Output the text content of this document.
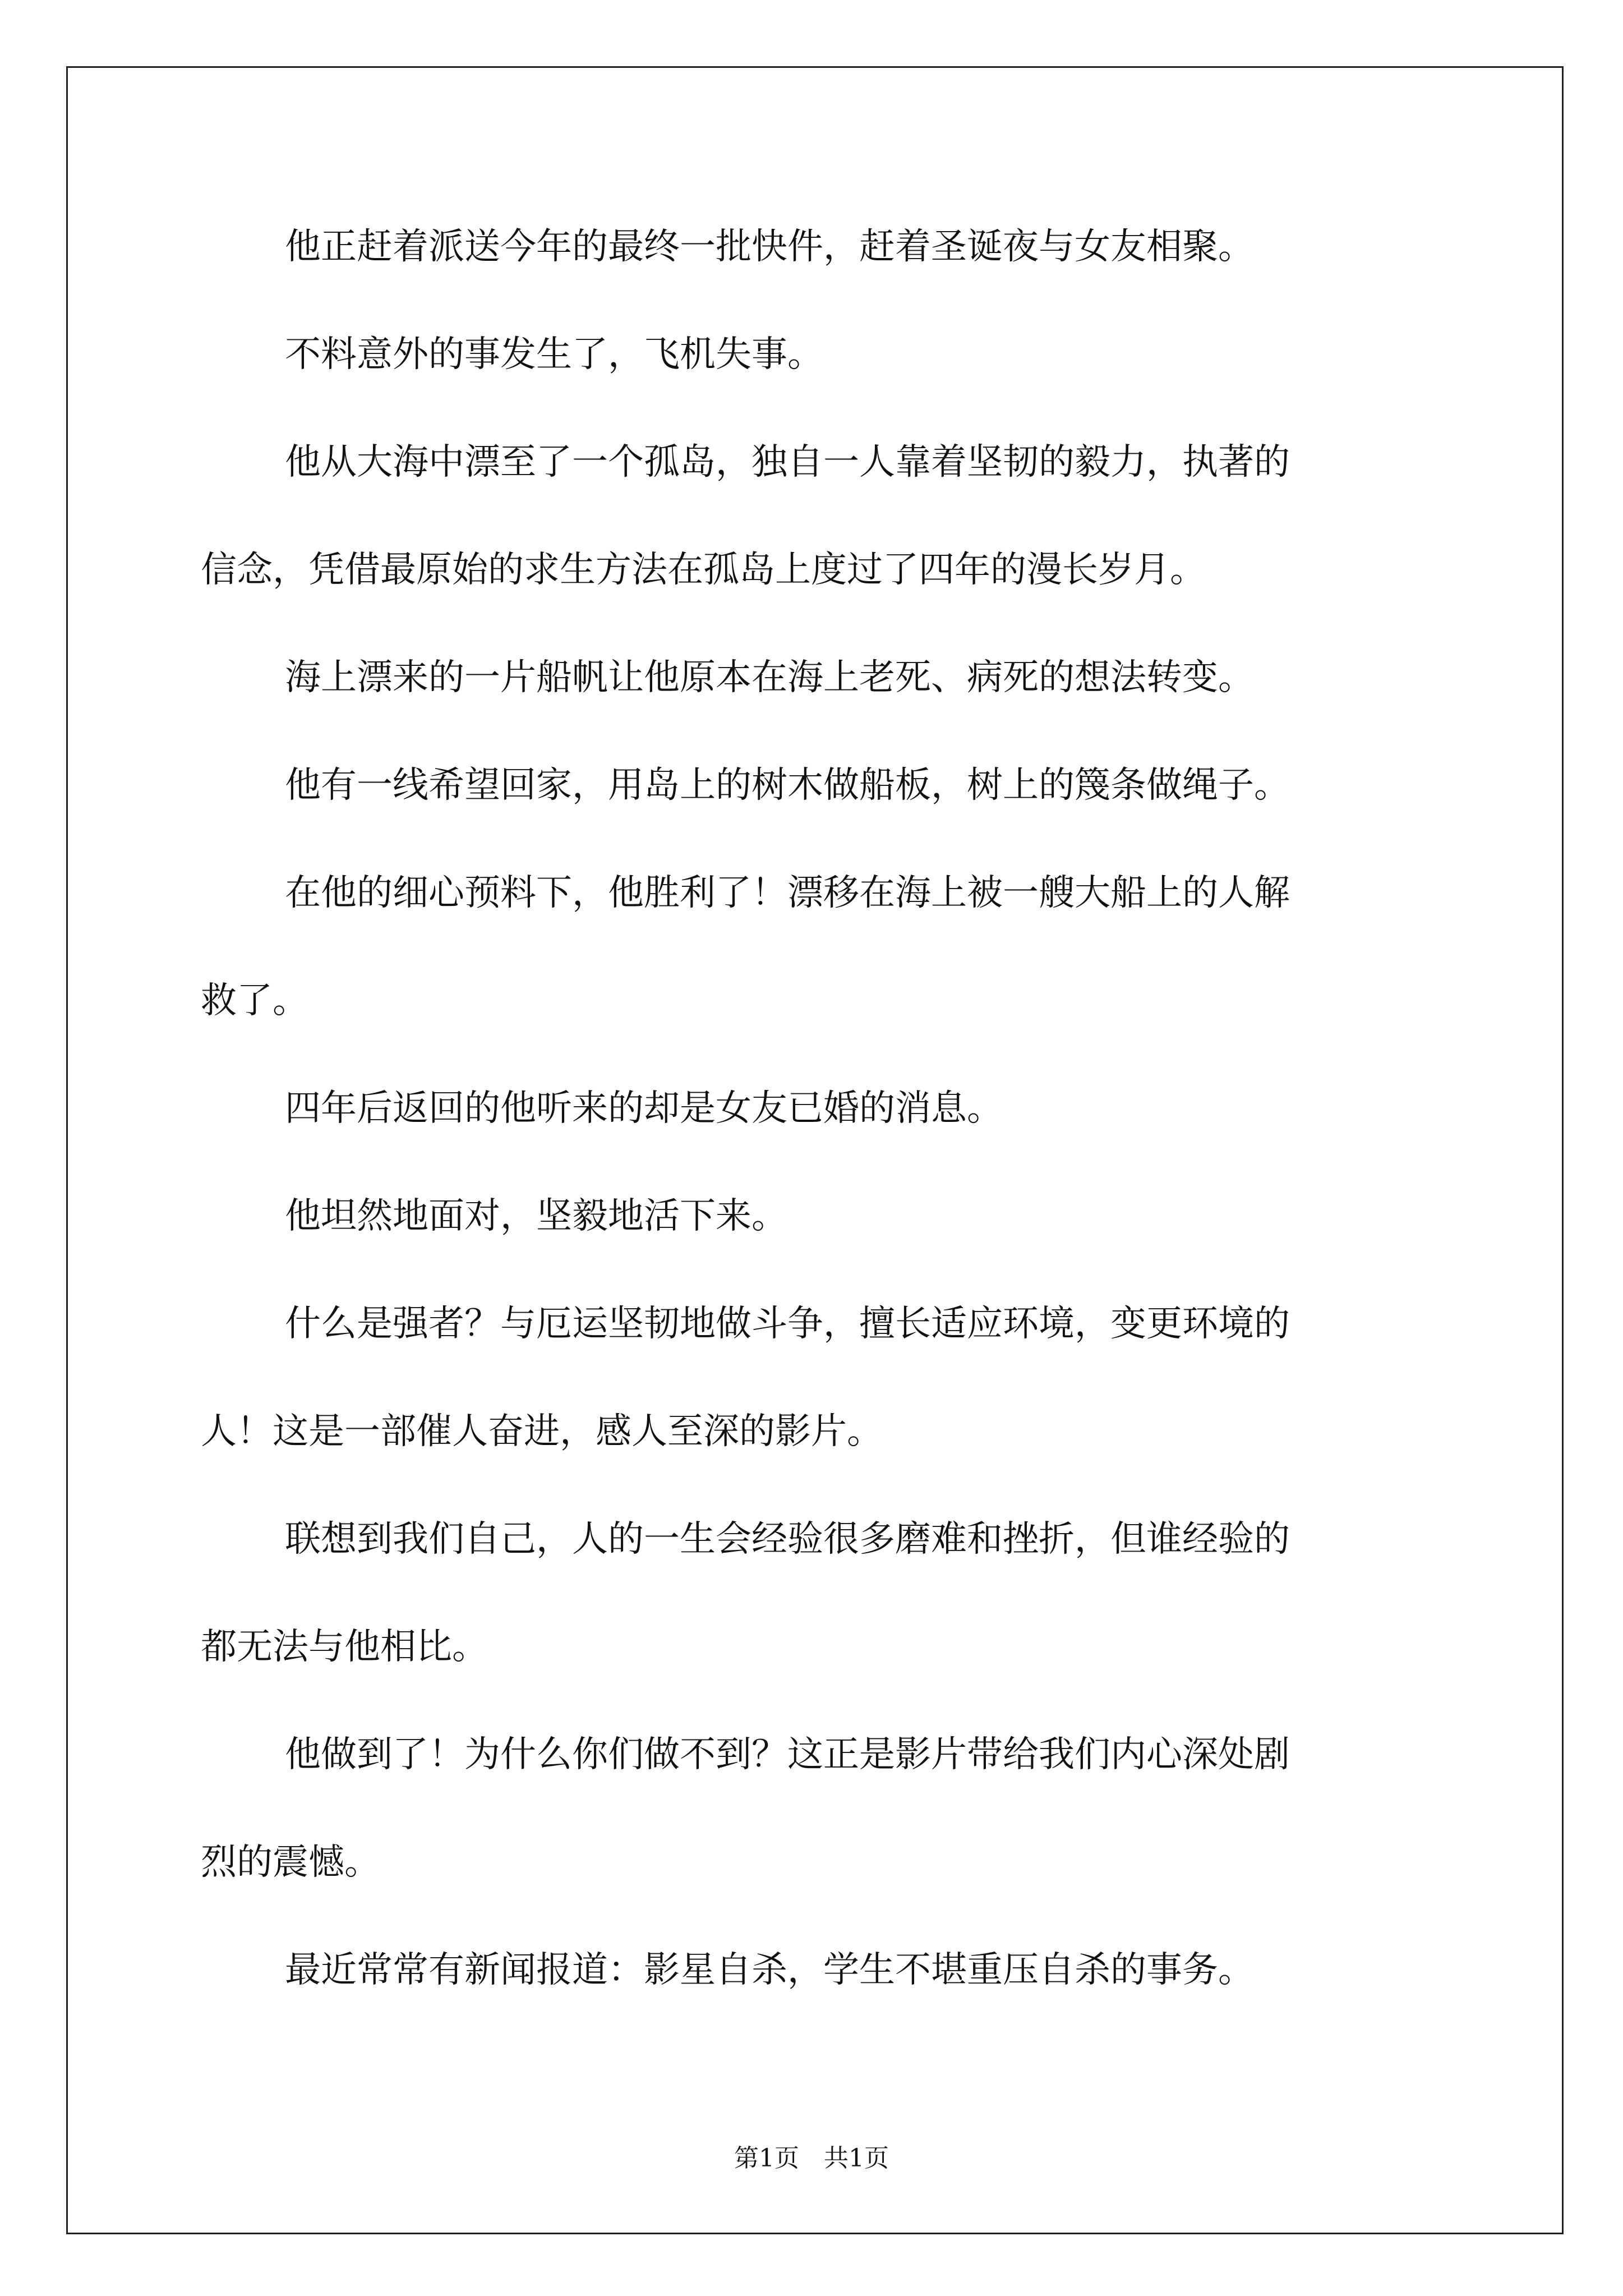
他正赶着派送今年的最终一批快件，赶着圣诞夜与女友相聚。

不料意外的事发生了，飞机失事。

他从大海中漂至了一个孤岛，独自一人靠着坚韧的毅力，执著的

信念，凭借最原始的求生方法在孤岛上度过了四年的漫长岁月。

海上漂来的一片船帆让他原本在海上老死、病死的想法转变。

他有一线希望回家，用岛上的树木做船板，树上的篾条做绳子。

在他的细心预料下，他胜利了！漂移在海上被一艘大船上的人解

救了。

四年后返回的他听来的却是女友已婚的消息。

他坦然地面对，坚毅地活下来。

什么是强者？与厄运坚韧地做斗争，擅长适应环境，变更环境的

人！这是一部催人奋进，感人至深的影片。

联想到我们自己，人的一生会经验很多磨难和挫折，但谁经验的

都无法与他相比。

他做到了！为什么你们做不到？这正是影片带给我们内心深处剧

烈的震憾。

最近常常有新闻报道：影星自杀，学生不堪重压自杀的事务。

第1页　共1页
